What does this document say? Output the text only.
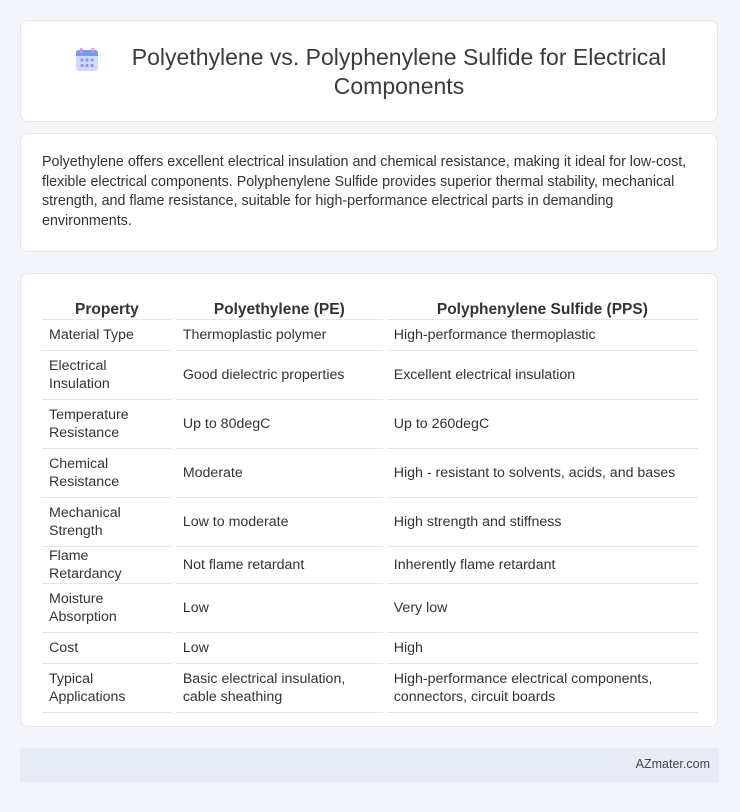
Polyethylene vs. Polyphenylene Sulfide for Electrical Components
Polyethylene offers excellent electrical insulation and chemical resistance, making it ideal for low-cost, flexible electrical components. Polyphenylene Sulfide provides superior thermal stability, mechanical strength, and flame resistance, suitable for high-performance electrical parts in demanding environments.
Property	Polyethylene (PE)	Polyphenylene Sulfide (PPS)
Material Type	Thermoplastic polymer	High-performance thermoplastic
Electrical Insulation	Good dielectric properties	Excellent electrical insulation
Temperature Resistance	Up to 80degC	Up to 260degC
Chemical Resistance	Moderate	High - resistant to solvents, acids, and bases
Mechanical Strength	Low to moderate	High strength and stiffness
Flame Retardancy	Not flame retardant	Inherently flame retardant
Moisture Absorption	Low	Very low
Cost	Low	High
Typical Applications	Basic electrical insulation, cable sheathing	High-performance electrical components, connectors, circuit boards
AZmater.com
